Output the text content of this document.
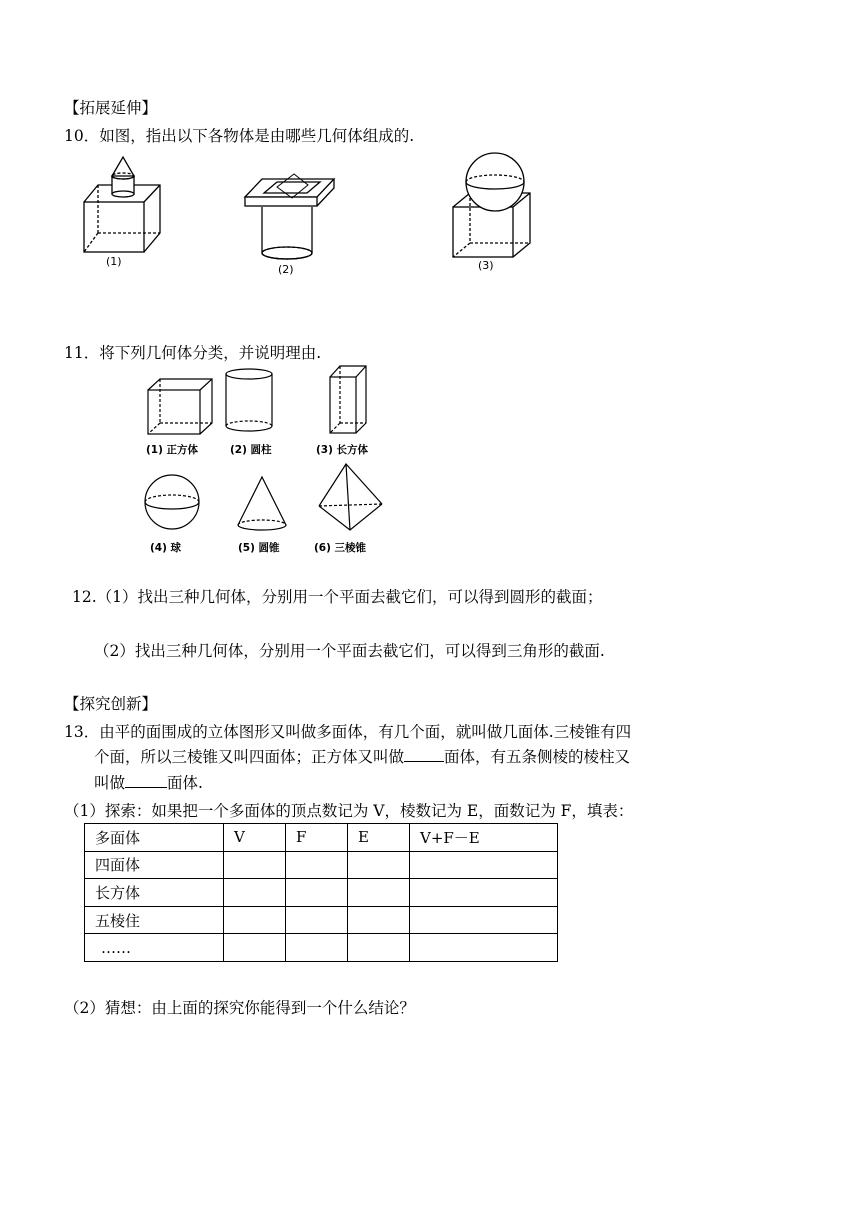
【拓展延伸】
10．如图，指出以下各物体是由哪些几何体组成的.
(1)
(2)	(3)
11．将下列几何体分类，并说明理由.
(1) 正方体	(2) 圆柱	(3) 长方体
(4) 球	(5) 圆锥	(6) 三棱锥
12.（1）找出三种几何体，分别用一个平面去截它们，可以得到圆形的截面；
（2）找出三种几何体，分别用一个平面去截它们，可以得到三角形的截面.
【探究创新】
13．由平的面围成的立体图形又叫做多面体，有几个面，就叫做几面体.三棱锥有四
个面，所以三棱锥又叫四面体；正方体又叫做	面体，有五条侧棱的棱柱又
叫做	面体.
（1）探索：如果把一个多面体的顶点数记为 V，棱数记为 E，面数记为 F，填表：
多面体	V	F	E	V+F－E
四面体				
长方体				
五棱住				
……				
（2）猜想：由上面的探究你能得到一个什么结论？
